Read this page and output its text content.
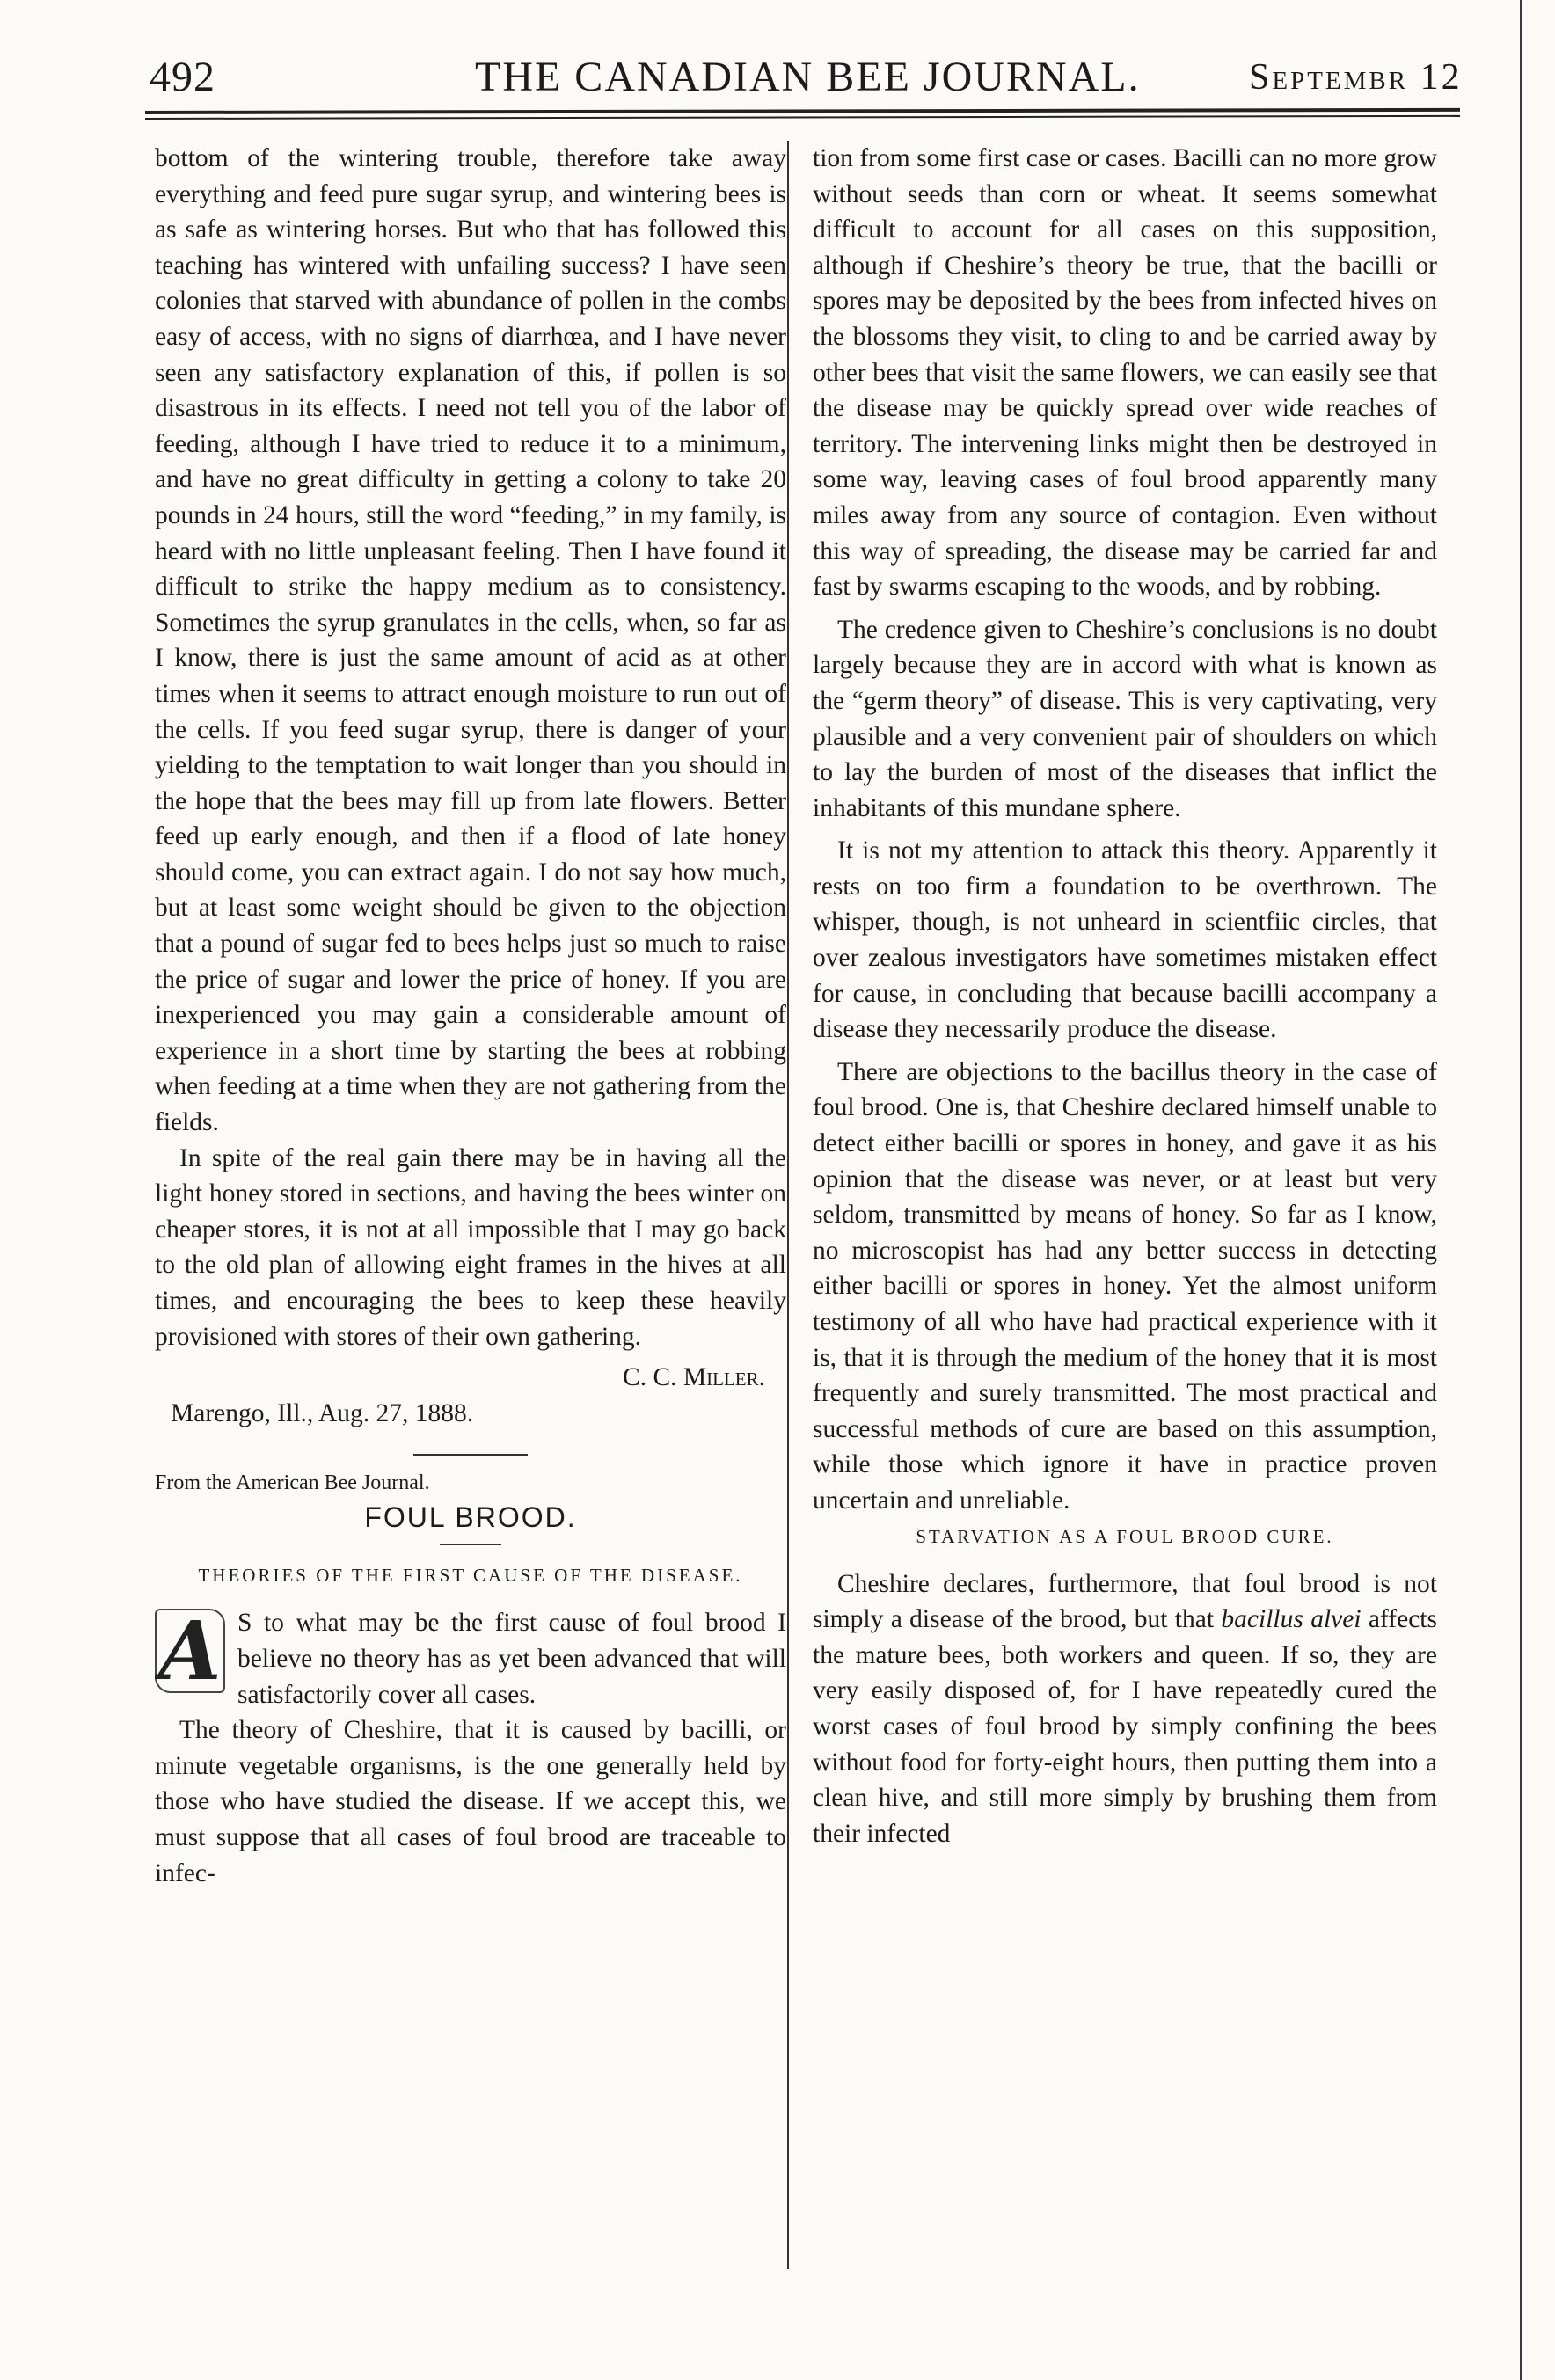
492	THE CANADIAN BEE JOURNAL.	Septembr 12

bottom of the wintering trouble, therefore take away everything and feed pure sugar syrup, and wintering bees is as safe as wintering horses. But who that has followed this teaching has wintered with unfailing success? I have seen colonies that starved with abundance of pollen in the combs easy of access, with no signs of diarrhœa, and I have never seen any satisfactory explanation of this, if pollen is so disastrous in its effects. I need not tell you of the labor of feeding, although I have tried to reduce it to a minimum, and have no great difficulty in getting a colony to take 20 pounds in 24 hours, still the word “feeding,” in my family, is heard with no little unpleasant feeling. Then I have found it difficult to strike the happy medium as to consistency. Sometimes the syrup granulates in the cells, when, so far as I know, there is just the same amount of acid as at other times when it seems to attract enough moisture to run out of the cells. If you feed sugar syrup, there is danger of your yielding to the temptation to wait longer than you should in the hope that the bees may fill up from late flowers. Better feed up early enough, and then if a flood of late honey should come, you can extract again. I do not say how much, but at least some weight should be given to the objection that a pound of sugar fed to bees helps just so much to raise the price of sugar and lower the price of honey. If you are inexperienced you may gain a considerable amount of experience in a short time by starting the bees at robbing when feeding at a time when they are not gathering from the fields.

In spite of the real gain there may be in having all the light honey stored in sections, and having the bees winter on cheaper stores, it is not at all impossible that I may go back to the old plan of allowing eight frames in the hives at all times, and encouraging the bees to keep these heavily provisioned with stores of their own gathering.

C. C. Miller.

Marengo, Ill., Aug. 27, 1888.

From the American Bee Journal.

FOUL BROOD.

THEORIES OF THE FIRST CAUSE OF THE DISEASE.

A S to what may be the first cause of foul brood I believe no theory has as yet been advanced that will satisfactorily cover all cases.

The theory of Cheshire, that it is caused by bacilli, or minute vegetable organisms, is the one generally held by those who have studied the disease. If we accept this, we must suppose that all cases of foul brood are traceable to infec-

tion from some first case or cases. Bacilli can no more grow without seeds than corn or wheat. It seems somewhat difficult to account for all cases on this supposition, although if Cheshire’s theory be true, that the bacilli or spores may be deposited by the bees from infected hives on the blossoms they visit, to cling to and be carried away by other bees that visit the same flowers, we can easily see that the disease may be quickly spread over wide reaches of territory. The intervening links might then be destroyed in some way, leaving cases of foul brood apparently many miles away from any source of contagion. Even without this way of spreading, the disease may be carried far and fast by swarms escaping to the woods, and by robbing.

The credence given to Cheshire’s conclusions is no doubt largely because they are in accord with what is known as the “germ theory” of disease. This is very captivating, very plausible and a very convenient pair of shoulders on which to lay the burden of most of the diseases that inflict the inhabitants of this mundane sphere.

It is not my attention to attack this theory. Apparently it rests on too firm a foundation to be overthrown. The whisper, though, is not unheard in scientfiic circles, that over zealous investigators have sometimes mistaken effect for cause, in concluding that because bacilli accompany a disease they necessarily produce the disease.

There are objections to the bacillus theory in the case of foul brood. One is, that Cheshire declared himself unable to detect either bacilli or spores in honey, and gave it as his opinion that the disease was never, or at least but very seldom, transmitted by means of honey. So far as I know, no microscopist has had any better success in detecting either bacilli or spores in honey. Yet the almost uniform testimony of all who have had practical experience with it is, that it is through the medium of the honey that it is most frequently and surely transmitted. The most practical and successful methods of cure are based on this assumption, while those which ignore it have in practice proven uncertain and unreliable.

STARVATION AS A FOUL BROOD CURE.

Cheshire declares, furthermore, that foul brood is not simply a disease of the brood, but that bacillus alvei affects the mature bees, both workers and queen. If so, they are very easily disposed of, for I have repeatedly cured the worst cases of foul brood by simply confining the bees without food for forty-eight hours, then putting them into a clean hive, and still more simply by brushing them from their infected
